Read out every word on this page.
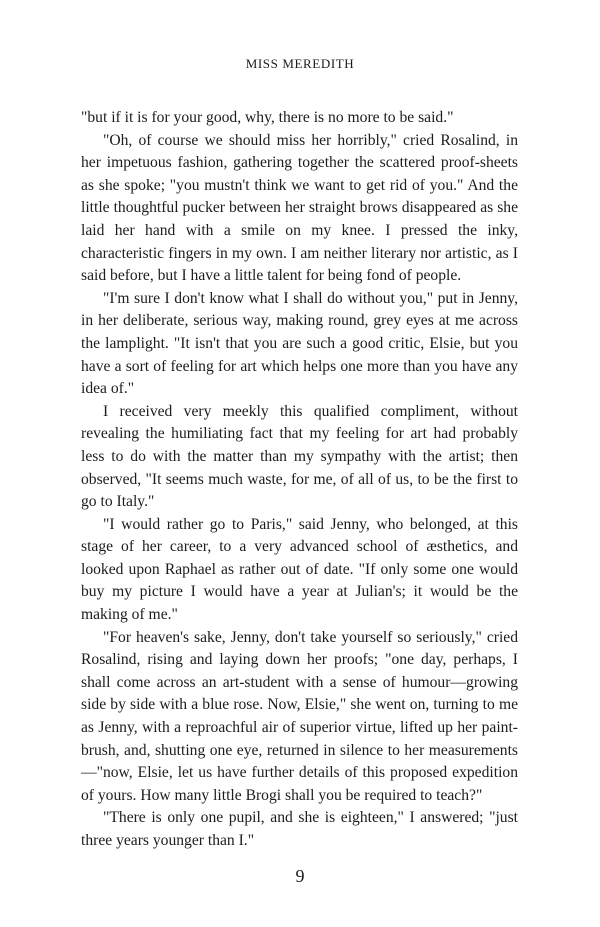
MISS MEREDITH

"but if it is for your good, why, there is no more to be said."

"Oh, of course we should miss her horribly," cried Rosalind, in her impetuous fashion, gathering together the scattered proof-sheets as she spoke; "you mustn't think we want to get rid of you." And the little thoughtful pucker between her straight brows disappeared as she laid her hand with a smile on my knee. I pressed the inky, characteristic fingers in my own. I am neither literary nor artistic, as I said before, but I have a little talent for being fond of people.

"I'm sure I don't know what I shall do without you," put in Jenny, in her deliberate, serious way, making round, grey eyes at me across the lamplight. "It isn't that you are such a good critic, Elsie, but you have a sort of feeling for art which helps one more than you have any idea of."

I received very meekly this qualified compliment, without revealing the humiliating fact that my feeling for art had probably less to do with the matter than my sympathy with the artist; then observed, "It seems much waste, for me, of all of us, to be the first to go to Italy."

"I would rather go to Paris," said Jenny, who belonged, at this stage of her career, to a very advanced school of æsthetics, and looked upon Raphael as rather out of date. "If only some one would buy my picture I would have a year at Julian's; it would be the making of me."

"For heaven's sake, Jenny, don't take yourself so seriously," cried Rosalind, rising and laying down her proofs; "one day, perhaps, I shall come across an art-student with a sense of humour—growing side by side with a blue rose. Now, Elsie," she went on, turning to me as Jenny, with a reproachful air of superior virtue, lifted up her paint-brush, and, shutting one eye, returned in silence to her measurements—"now, Elsie, let us have further details of this proposed expedition of yours. How many little Brogi shall you be required to teach?"

"There is only one pupil, and she is eighteen," I answered; "just three years younger than I."

9
